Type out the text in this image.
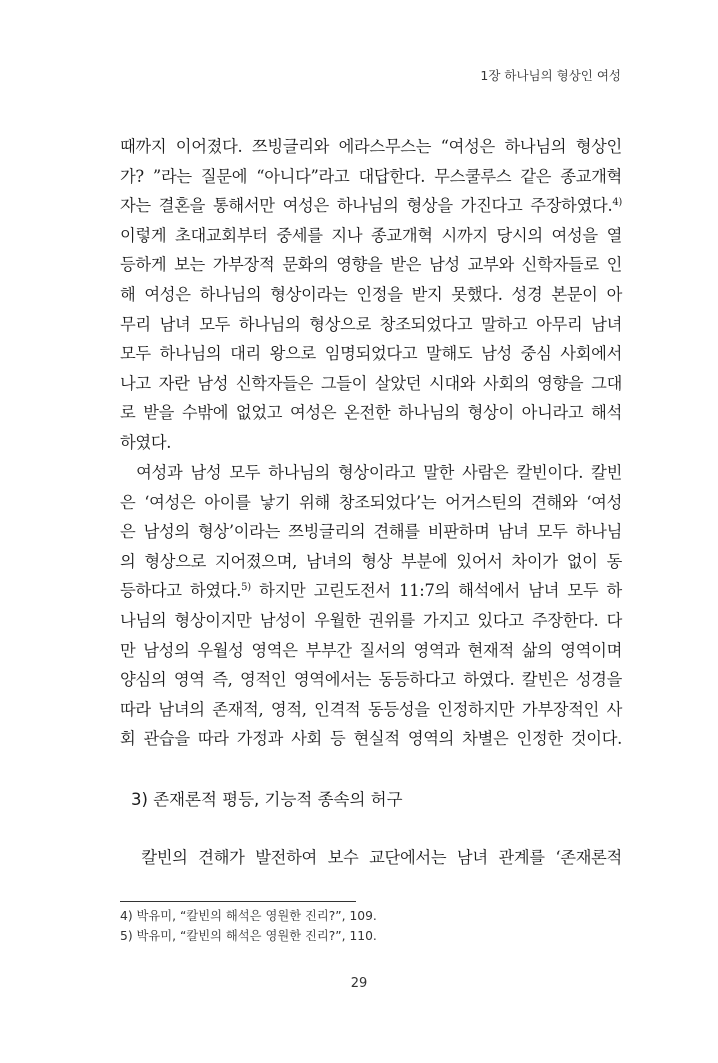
1장 하나님의 형상인 여성
때까지 이어졌다. 쯔빙글리와 에라스무스는 “여성은 하나님의 형상인
가? ”라는 질문에 “아니다”라고 대답한다. 무스쿨루스 같은 종교개혁
자는 결혼을 통해서만 여성은 하나님의 형상을 가진다고 주장하였다.$^{4)}$
이렇게 초대교회부터 중세를 지나 종교개혁 시까지 당시의 여성을 열
등하게 보는 가부장적 문화의 영향을 받은 남성 교부와 신학자들로 인
해 여성은 하나님의 형상이라는 인정을 받지 못했다. 성경 본문이 아
무리 남녀 모두 하나님의 형상으로 창조되었다고 말하고 아무리 남녀
모두 하나님의 대리 왕으로 임명되었다고 말해도 남성 중심 사회에서
나고 자란 남성 신학자들은 그들이 살았던 시대와 사회의 영향을 그대
로 받을 수밖에 없었고 여성은 온전한 하나님의 형상이 아니라고 해석
하였다.
여성과 남성 모두 하나님의 형상이라고 말한 사람은 칼빈이다. 칼빈
은 ‘여성은 아이를 낳기 위해 창조되었다’는 어거스틴의 견해와 ‘여성
은 남성의 형상’이라는 쯔빙글리의 견해를 비판하며 남녀 모두 하나님
의 형상으로 지어졌으며, 남녀의 형상 부분에 있어서 차이가 없이 동
등하다고 하였다.$^{5)}$ 하지만 고린도전서 11:7의 해석에서 남녀 모두 하
나님의 형상이지만 남성이 우월한 권위를 가지고 있다고 주장한다. 다
만 남성의 우월성 영역은 부부간 질서의 영역과 현재적 삶의 영역이며
양심의 영역 즉, 영적인 영역에서는 동등하다고 하였다. 칼빈은 성경을
따라 남녀의 존재적, 영적, 인격적 동등성을 인정하지만 가부장적인 사
회 관습을 따라 가정과 사회 등 현실적 영역의 차별은 인정한 것이다.
3) 존재론적 평등, 기능적 종속의 허구
칼빈의 견해가 발전하여 보수 교단에서는 남녀 관계를 ‘존재론적
4) 박유미, “칼빈의 해석은 영원한 진리?”, 109.
5) 박유미, “칼빈의 해석은 영원한 진리?”, 110.
29
